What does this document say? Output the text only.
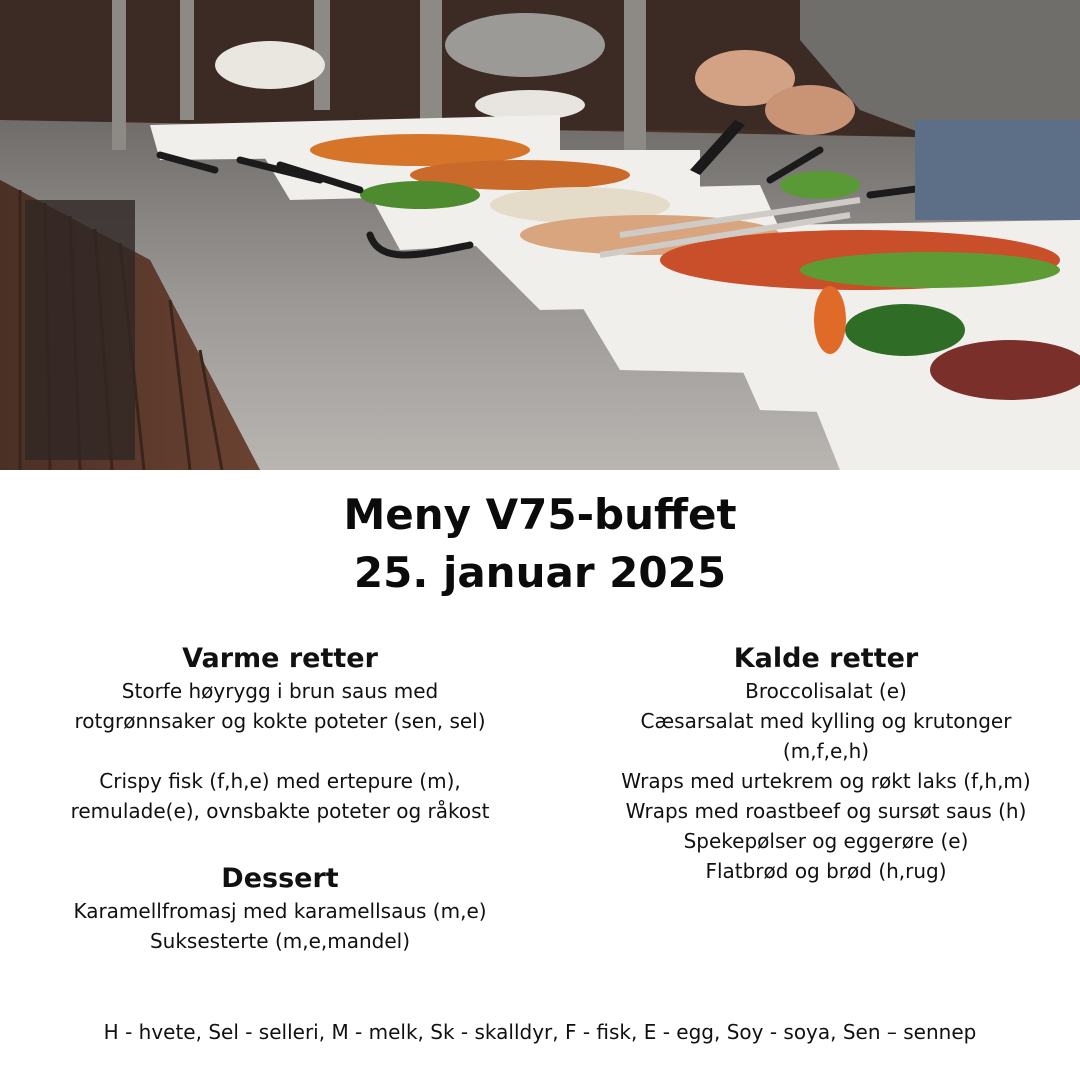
Meny V75-buffet
25. januar 2025
Varme retter
Storfe høyrygg i brun saus med
rotgrønnsaker og kokte poteter (sen, sel)
Crispy fisk (f,h,e) med ertepure (m),
remulade(e), ovnsbakte poteter og råkost
Dessert
Karamellfromasj med karamellsaus (m,e)
Suksesterte (m,e,mandel)
Kalde retter
Broccolisalat (e)
Cæsarsalat med kylling og krutonger
(m,f,e,h)
Wraps med urtekrem og røkt laks (f,h,m)
Wraps med roastbeef og sursøt saus (h)
Spekepølser og eggerøre (e)
Flatbrød og brød (h,rug)
H - hvete, Sel - selleri, M - melk, Sk - skalldyr, F - fisk, E - egg, Soy - soya, Sen – sennep
